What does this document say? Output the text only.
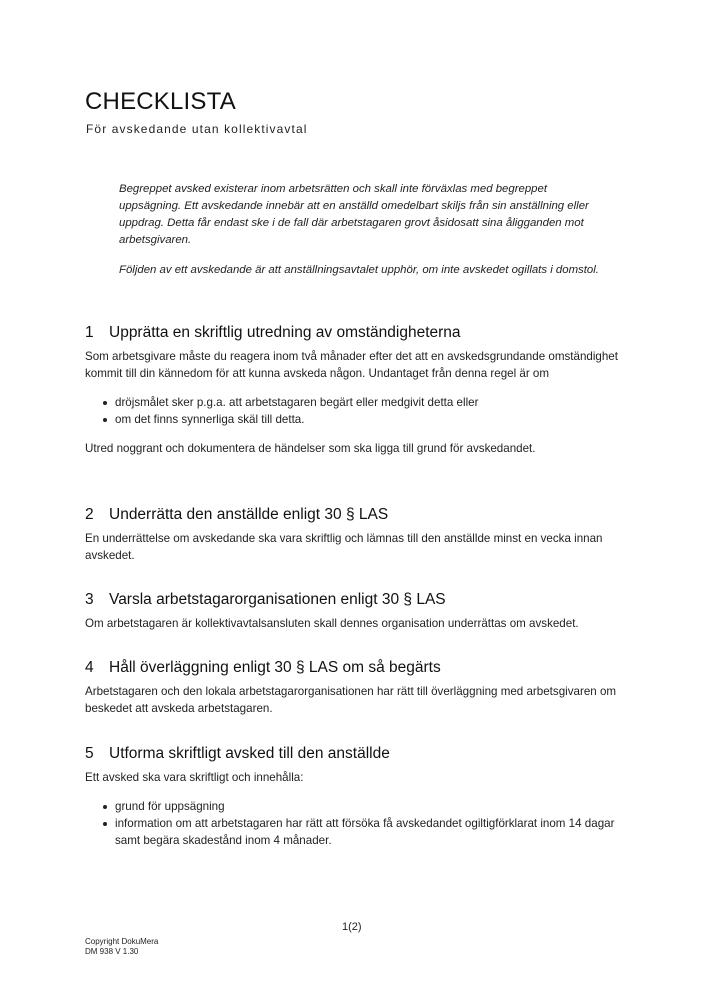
CHECKLISTA
För avskedande utan kollektivavtal

Begreppet avsked existerar inom arbetsrätten och skall inte förväxlas med begreppet uppsägning. Ett avskedande innebär att en anställd omedelbart skiljs från sin anställning eller uppdrag. Detta får endast ske i de fall där arbetstagaren grovt åsidosatt sina åligganden mot arbetsgivaren.

Följden av ett avskedande är att anställningsavtalet upphör, om inte avskedet ogillats i domstol.

1 Upprätta en skriftlig utredning av omständigheterna

Som arbetsgivare måste du reagera inom två månader efter det att en avskedsgrundande omständighet kommit till din kännedom för att kunna avskeda någon. Undantaget från denna regel är om

dröjsmålet sker p.g.a. att arbetstagaren begärt eller medgivit detta eller
om det finns synnerliga skäl till detta.

Utred noggrant och dokumentera de händelser som ska ligga till grund för avskedandet.

2 Underrätta den anställde enligt 30 § LAS

En underrättelse om avskedande ska vara skriftlig och lämnas till den anställde minst en vecka innan avskedet.

3 Varsla arbetstagarorganisationen enligt 30 § LAS

Om arbetstagaren är kollektivavtalsansluten skall dennes organisation underrättas om avskedet.

4 Håll överläggning enligt 30 § LAS om så begärts

Arbetstagaren och den lokala arbetstagarorganisationen har rätt till överläggning med arbetsgivaren om beskedet att avskeda arbetstagaren.

5 Utforma skriftligt avsked till den anställde

Ett avsked ska vara skriftligt och innehålla:

grund för uppsägning
information om att arbetstagaren har rätt att försöka få avskedandet ogiltigförklarat inom 14 dagar samt begära skadestånd inom 4 månader.
1(2)
Copyright DokuMera
DM 938 V 1.30
